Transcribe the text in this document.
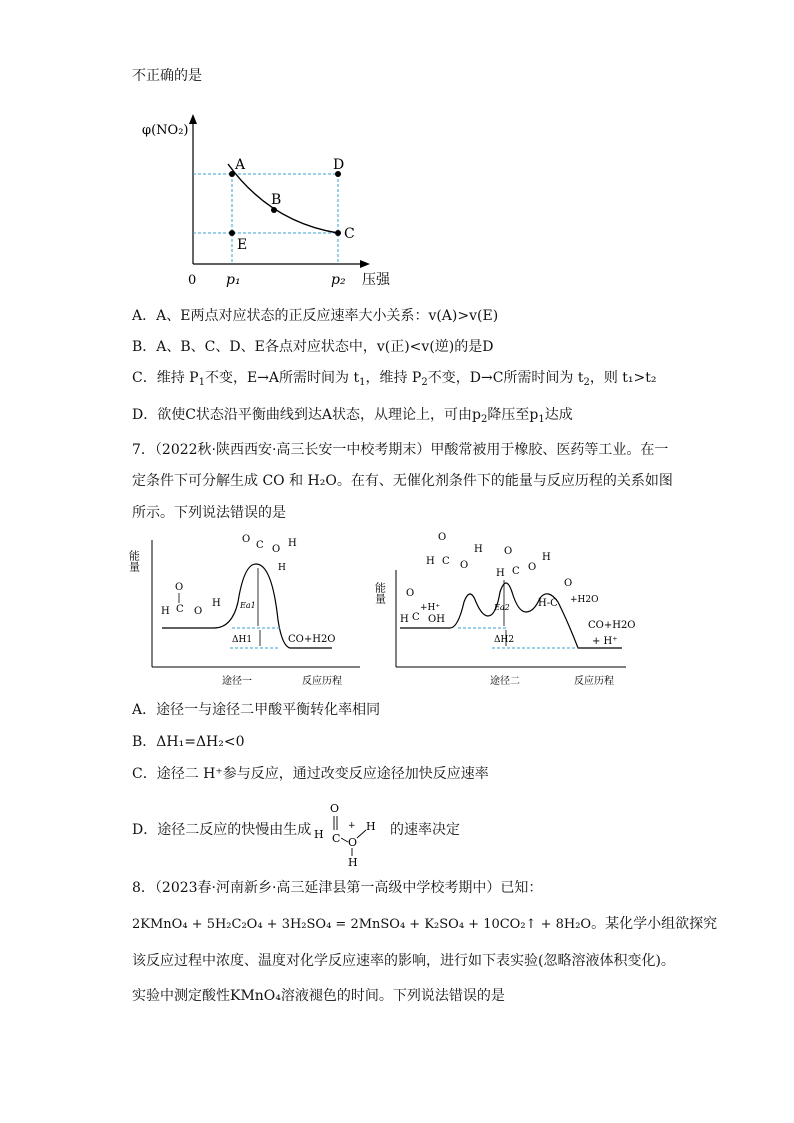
不正确的是
φ(NO₂)
A
B
C
D
E
0 p₁	p₂ 压强
A．A、E两点对应状态的正反应速率大小关系：v(A)>v(E)
B．A、B、C、D、E各点对应状态中，v(正)<v(逆)的是D
C．维持 $P_1$不变，E→A所需时间为 $t_1$，维持 $P_2$不变，D→C所需时间为 $t_2$，则 t₁>t₂
D．欲使C状态沿平衡曲线到达A状态，从理论上，可由$p_2$降压至$p_1$达成
7．（2022秋·陕西西安·高三长安一中校考期末）甲酸常被用于橡胶、医药等工业。在一
定条件下可分解生成 CO 和 H₂O。在有、无催化剂条件下的能量与反应历程的关系如图
所示。下列说法错误的是
能量
Ea1
ΔH1	CO+H2O
O
H C O
H
C O
H
H
O
途径一	反应历程
能量
Ea2
ΔH2
CO+H2O
+ H⁺
+H⁺
+H2O
O
H C OH
O
H C O
H O
H C O
H
H-C
O
途径二	反应历程
A．途径一与途径二甲酸平衡转化率相同
B．ΔH₁=ΔH₂<0
C．途径二 H⁺参与反应，通过改变反应途径加快反应速率
D．途径二反应的快慢由生成
O
H C
+
O
H
H
的速率决定
8．（2023春·河南新乡·高三延津县第一高级中学校考期中）已知：
2KMnO₄ + 5H₂C₂O₄ + 3H₂SO₄ = 2MnSO₄ + K₂SO₄ + 10CO₂↑ + 8H₂O。某化学小组欲探究
该反应过程中浓度、温度对化学反应速率的影响，进行如下表实验(忽略溶液体积变化)。
实验中测定酸性KMnO₄溶液褪色的时间。下列说法错误的是
